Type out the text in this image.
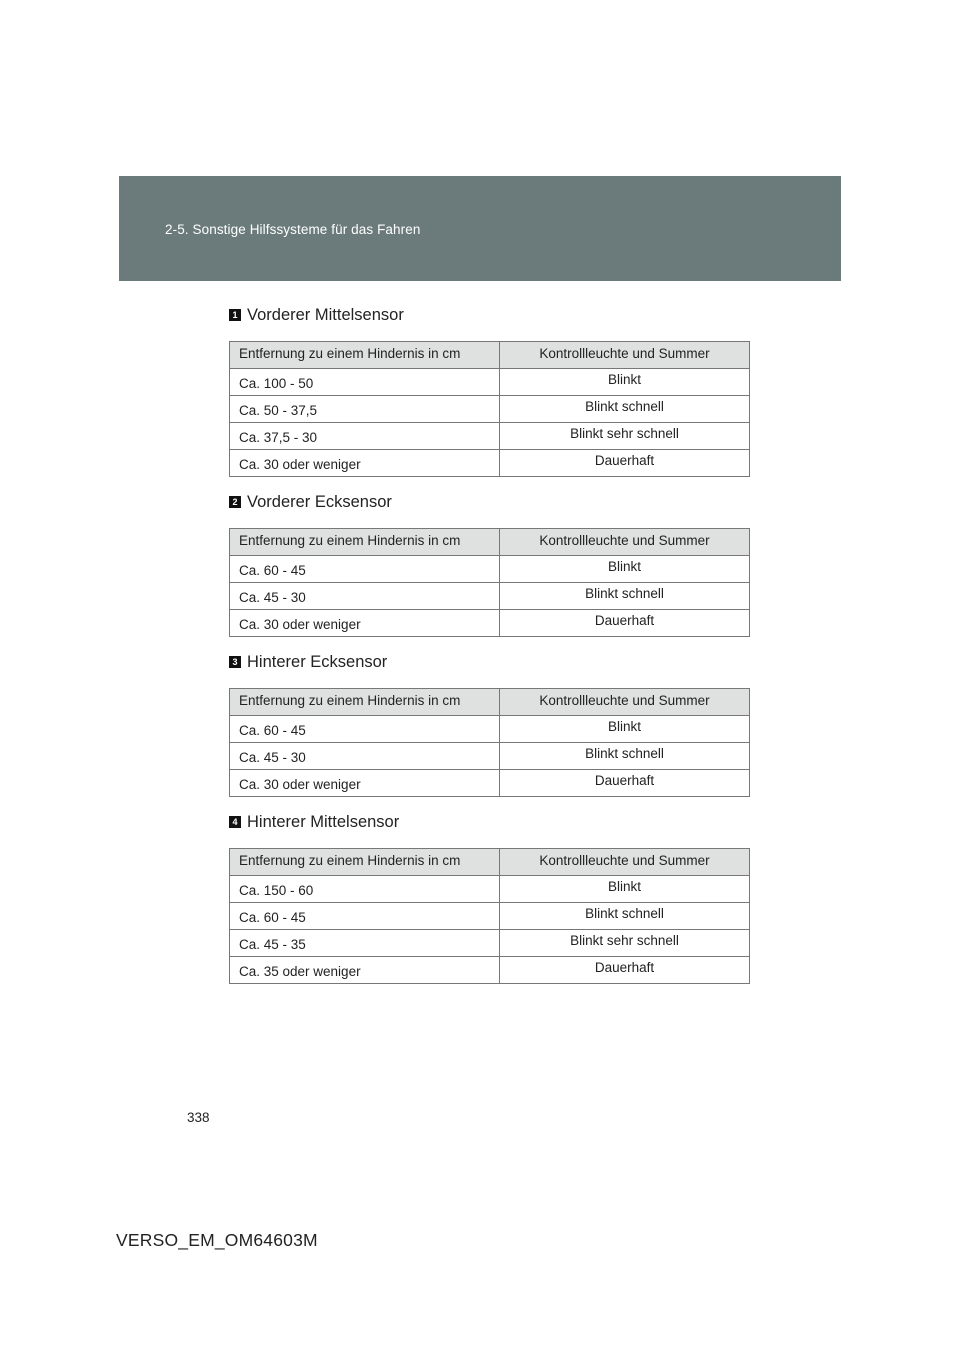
2-5. Sonstige Hilfssysteme für das Fahren
1 Vorderer Mittelsensor
Entfernung zu einem Hindernis in cm	Kontrollleuchte und Summer
Ca. 100 - 50	Blinkt
Ca. 50 - 37,5	Blinkt schnell
Ca. 37,5 - 30	Blinkt sehr schnell
Ca. 30 oder weniger	Dauerhaft
2 Vorderer Ecksensor
Entfernung zu einem Hindernis in cm	Kontrollleuchte und Summer
Ca. 60 - 45	Blinkt
Ca. 45 - 30	Blinkt schnell
Ca. 30 oder weniger	Dauerhaft
3 Hinterer Ecksensor
Entfernung zu einem Hindernis in cm	Kontrollleuchte und Summer
Ca. 60 - 45	Blinkt
Ca. 45 - 30	Blinkt schnell
Ca. 30 oder weniger	Dauerhaft
4 Hinterer Mittelsensor
Entfernung zu einem Hindernis in cm	Kontrollleuchte und Summer
Ca. 150 - 60	Blinkt
Ca. 60 - 45	Blinkt schnell
Ca. 45 - 35	Blinkt sehr schnell
Ca. 35 oder weniger	Dauerhaft
338
VERSO_EM_OM64603M
